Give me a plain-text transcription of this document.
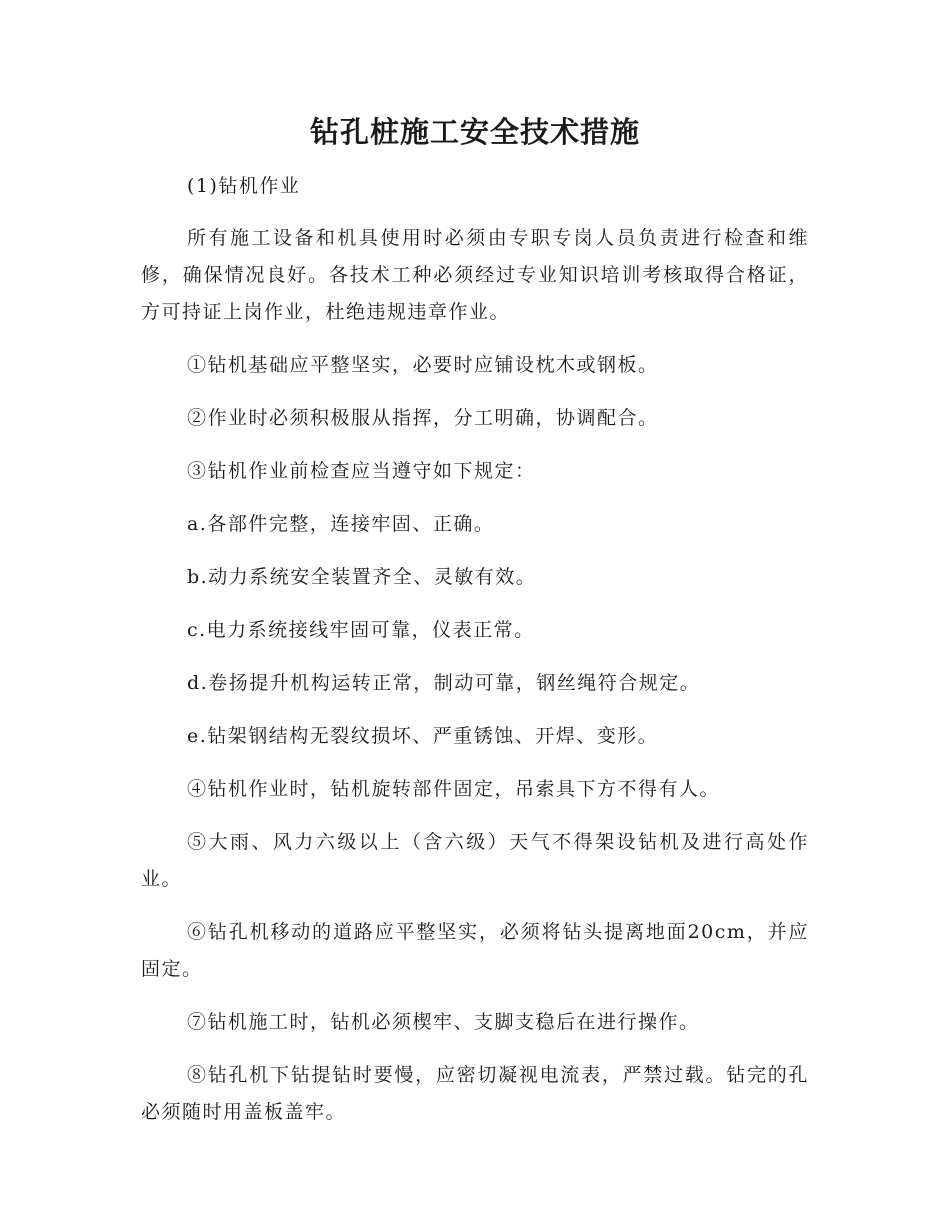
钻孔桩施工安全技术措施

(1)钻机作业

所有施工设备和机具使用时必须由专职专岗人员负责进行检查和维修，确保情况良好。各技术工种必须经过专业知识培训考核取得合格证，方可持证上岗作业，杜绝违规违章作业。

①钻机基础应平整坚实，必要时应铺设枕木或钢板。

②作业时必须积极服从指挥，分工明确，协调配合。

③钻机作业前检查应当遵守如下规定：

a.各部件完整，连接牢固、正确。

b.动力系统安全装置齐全、灵敏有效。

c.电力系统接线牢固可靠，仪表正常。

d.卷扬提升机构运转正常，制动可靠，钢丝绳符合规定。

e.钻架钢结构无裂纹损坏、严重锈蚀、开焊、变形。

④钻机作业时，钻机旋转部件固定，吊索具下方不得有人。

⑤大雨、风力六级以上（含六级）天气不得架设钻机及进行高处作业。

⑥钻孔机移动的道路应平整坚实，必须将钻头提离地面20cm，并应固定。

⑦钻机施工时，钻机必须楔牢、支脚支稳后在进行操作。

⑧钻孔机下钻提钻时要慢，应密切凝视电流表，严禁过载。钻完的孔必须随时用盖板盖牢。
